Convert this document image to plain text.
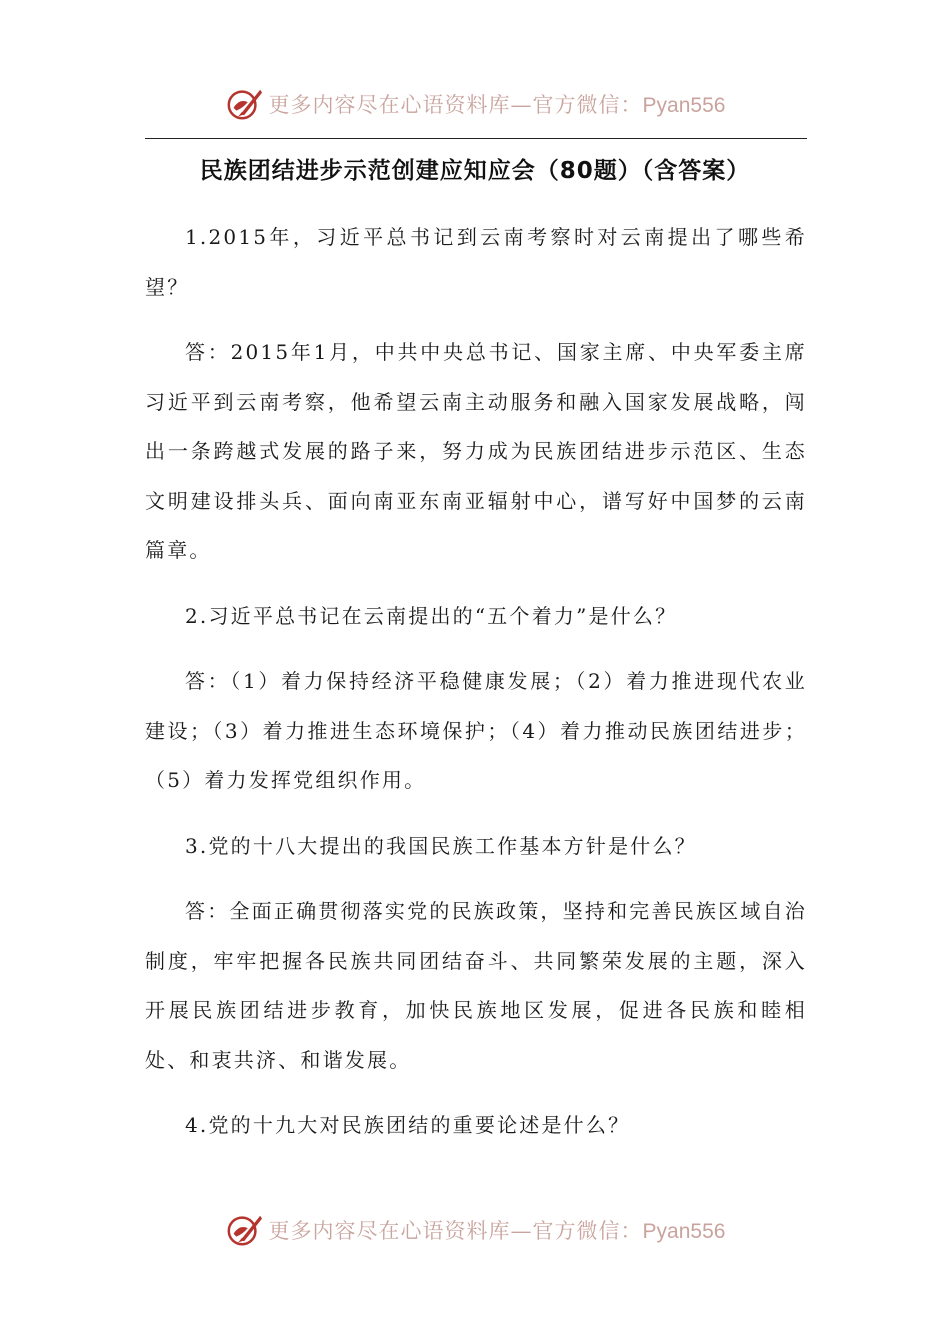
更多内容尽在心语资料库—官方微信：Pyan556
民族团结进步示范创建应知应会（80题）（含答案）

1.2015年，习近平总书记到云南考察时对云南提出了哪些希望？

答：2015年1月，中共中央总书记、国家主席、中央军委主席习近平到云南考察，他希望云南主动服务和融入国家发展战略，闯出一条跨越式发展的路子来，努力成为民族团结进步示范区、生态文明建设排头兵、面向南亚东南亚辐射中心，谱写好中国梦的云南篇章。

2.习近平总书记在云南提出的“五个着力”是什么？

答：（1）着力保持经济平稳健康发展；（2）着力推进现代农业建设；（3）着力推进生态环境保护；（4）着力推动民族团结进步；（5）着力发挥党组织作用。

3.党的十八大提出的我国民族工作基本方针是什么？

答：全面正确贯彻落实党的民族政策，坚持和完善民族区域自治制度，牢牢把握各民族共同团结奋斗、共同繁荣发展的主题，深入开展民族团结进步教育，加快民族地区发展，促进各民族和睦相处、和衷共济、和谐发展。

4.党的十九大对民族团结的重要论述是什么？

更多内容尽在心语资料库—官方微信：Pyan556
